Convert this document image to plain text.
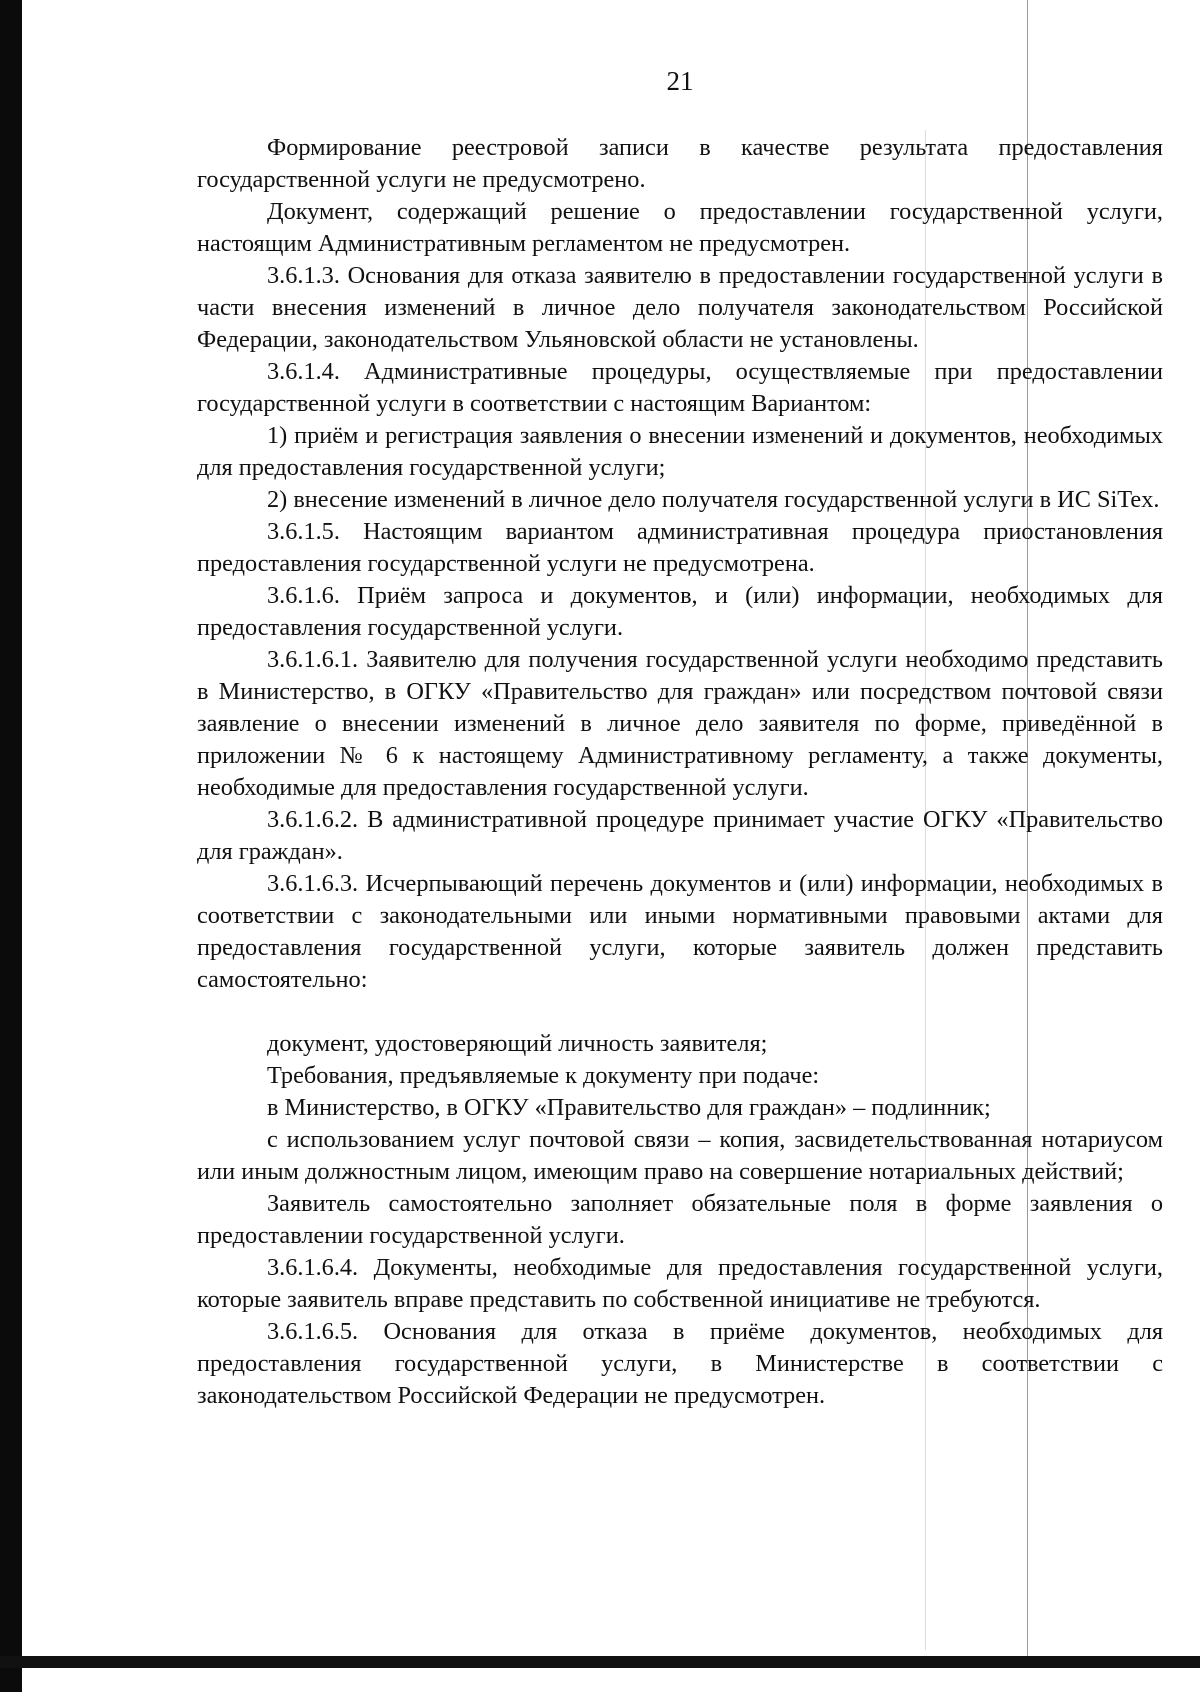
21

Формирование реестровой записи в качестве результата предоставления государственной услуги не предусмотрено.

Документ, содержащий решение о предоставлении государственной услуги, настоящим Административным регламентом не предусмотрен.

3.6.1.3. Основания для отказа заявителю в предоставлении государственной услуги в части внесения изменений в личное дело получателя законодательством Российской Федерации, законодательством Ульяновской области не установлены.

3.6.1.4. Административные процедуры, осуществляемые при предоставлении государственной услуги в соответствии с настоящим Вариантом:

1) приём и регистрация заявления о внесении изменений и документов, необходимых для предоставления государственной услуги;

2) внесение изменений в личное дело получателя государственной услуги в ИС SiTex.

3.6.1.5. Настоящим вариантом административная процедура приостановления предоставления государственной услуги не предусмотрена.

3.6.1.6. Приём запроса и документов, и (или) информации, необходимых для предоставления государственной услуги.

3.6.1.6.1. Заявителю для получения государственной услуги необходимо представить в Министерство, в ОГКУ «Правительство для граждан» или посредством почтовой связи заявление о внесении изменений в личное дело заявителя по форме, приведённой в приложении № 6 к настоящему Административному регламенту, а также документы, необходимые для предоставления государственной услуги.

3.6.1.6.2. В административной процедуре принимает участие ОГКУ «Правительство для граждан».

3.6.1.6.3. Исчерпывающий перечень документов и (или) информации, необходимых в соответствии с законодательными или иными нормативными правовыми актами для предоставления государственной услуги, которые заявитель должен представить самостоятельно:

документ, удостоверяющий личность заявителя;

Требования, предъявляемые к документу при подаче:

в Министерство, в ОГКУ «Правительство для граждан» – подлинник;

с использованием услуг почтовой связи – копия, засвидетельствованная нотариусом или иным должностным лицом, имеющим право на совершение нотариальных действий;

Заявитель самостоятельно заполняет обязательные поля в форме заявления о предоставлении государственной услуги.

3.6.1.6.4. Документы, необходимые для предоставления государственной услуги, которые заявитель вправе представить по собственной инициативе не требуются.

3.6.1.6.5. Основания для отказа в приёме документов, необходимых для предоставления государственной услуги, в Министерстве в соответствии с законодательством Российской Федерации не предусмотрен.
